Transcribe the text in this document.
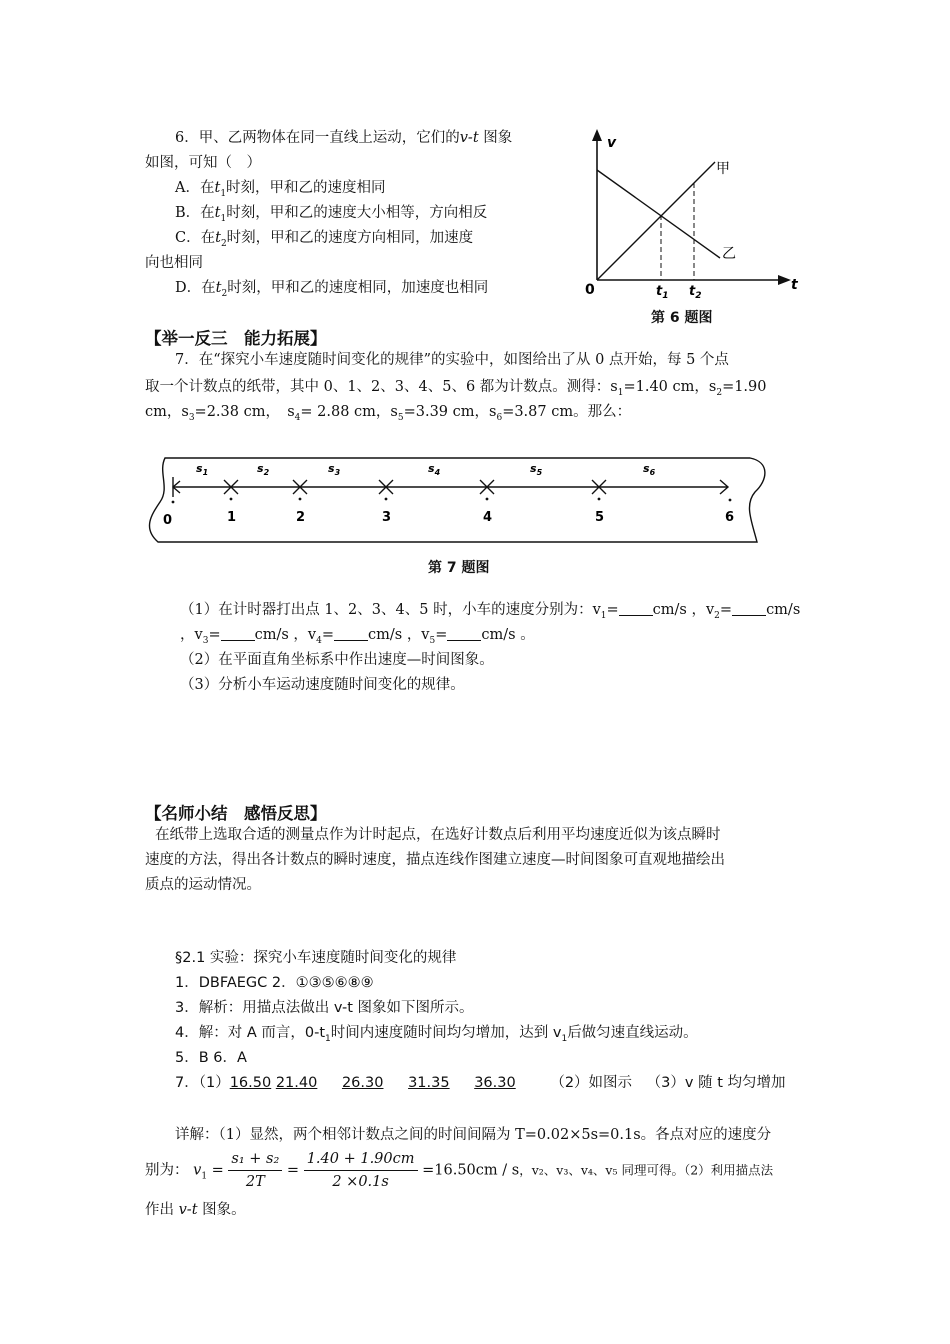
6．甲、乙两物体在同一直线上运动，它们的v-t 图象
如图，可知（　）
A．在$t_1$时刻，甲和乙的速度相同
B．在$t_1$时刻，甲和乙的速度大小相等，方向相反
C．在$t_2$时刻，甲和乙的速度方向相同，加速度
向也相同
D．在$t_2$时刻，甲和乙的速度相同，加速度也相同
v
t
0
甲
乙
$t_1$ $t_2$
第 6 题图
【举一反三　能力拓展】
7．在“探究小车速度随时间变化的规律”的实验中，如图给出了从 0 点开始，每 5 个点
取一个计数点的纸带，其中 0、1、2、3、4、5、6 都为计数点。测得：$s_1=1.40$ cm，$s_2=1.90$
cm，$s_3=2.38$ cm，　$s_4= 2.88$ cm，$s_5=3.39$ cm，$s_6=3.87$ cm。那么：
0	1	2	3	4	5	6
$s_1$	$s_2$	$s_3$	$s_4$	$s_5$	$s_6$
第 7 题图
（1）在计时器打出点 1、2、3、4、5 时，小车的速度分别为：$v_1= cm/s$ ，$v_2= cm/s$
，$v_3= cm/s$ ，$v_4= cm/s$ ，$v_5= cm/s$ 。
（2）在平面直角坐标系中作出速度—时间图象。
（3）分析小车运动速度随时间变化的规律。
【名师小结　感悟反思】
在纸带上选取合适的测量点作为计时起点，在选好计数点后利用平均速度近似为该点瞬时
速度的方法，得出各计数点的瞬时速度，描点连线作图建立速度—时间图象可直观地描绘出
质点的运动情况。
§2.1 实验：探究小车速度随时间变化的规律
1．DBFAEGC 2．①③⑤⑥⑧⑨
3．解析：用描点法做出 v-t 图象如下图所示。
4．解：对 A 而言，$0-t_1$时间内速度随时间均匀增加，达到 $v_1$后做匀速直线运动。
5．B 6．A
7．（1）16.50 21.40 26.30 31.35 36.30 （2）如图示 （3）v 随 t 均匀增加
详解：（1）显然，两个相邻计数点之间的时间间隔为 T=0.02×5s=0.1s。各点对应的速度分
别为： $v_1 = \frac{\text{s₁ + s₂}}{2T} = \frac{1.40 + 1.90cm}{2 \times 0.1s} =16.50cm / s$，v₂、v₃、v₄、v₅ 同理可得。（2）利用描点法
作出 v-t 图象。
